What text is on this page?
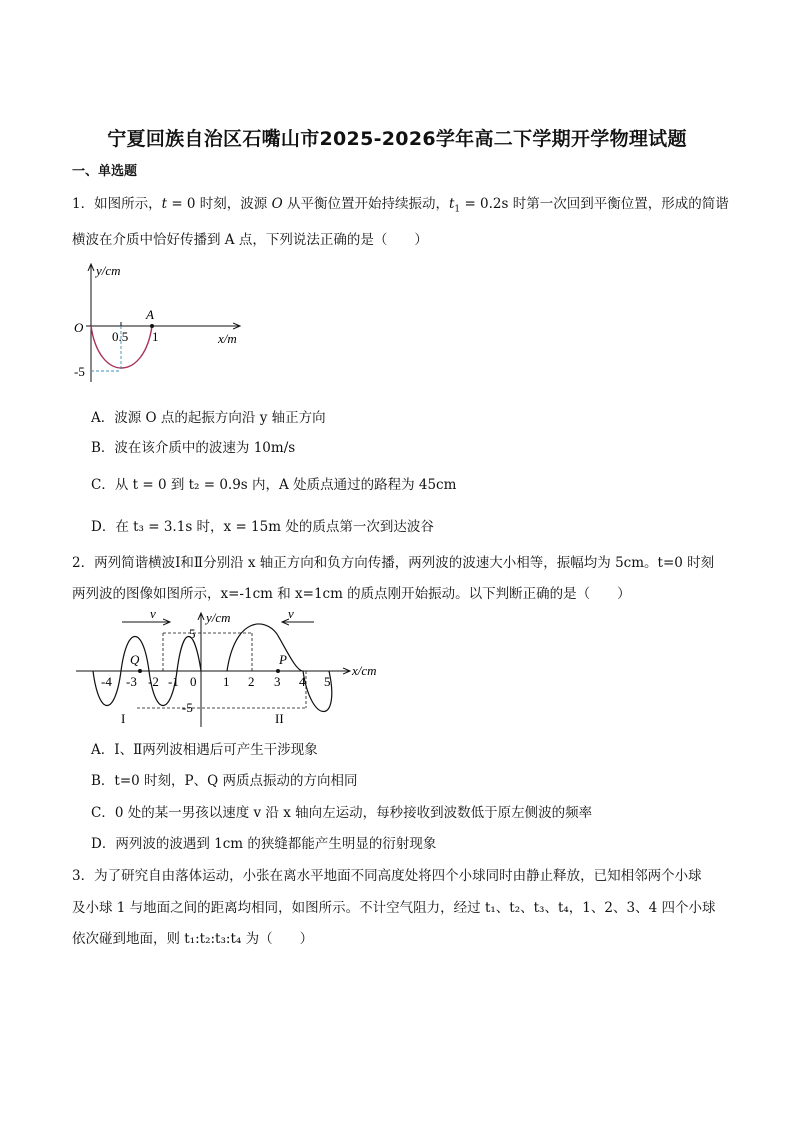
宁夏回族自治区石嘴山市2025-2026学年高二下学期开学物理试题
一、单选题
1．如图所示，t = 0 时刻，波源 O 从平衡位置开始持续振动，$t_1 = 0.2s$ 时第一次回到平衡位置，形成的简谐
横波在介质中恰好传播到 A 点，下列说法正确的是（　　）
y/cm
x/m
O
A
0.5 1
-5
A．波源 O 点的起振方向沿 y 轴正方向
B．波在该介质中的波速为 10m/s
C．从 t = 0 到 t₂ = 0.9s 内，A 处质点通过的路程为 45cm
D．在 t₃ = 3.1s 时，x = 15m 处的质点第一次到达波谷
2．两列简谐横波Ⅰ和Ⅱ分别沿 x 轴正方向和负方向传播，两列波的波速大小相等，振幅均为 5cm。t=0 时刻
两列波的图像如图所示，x=-1cm 和 x=1cm 的质点刚开始振动。以下判断正确的是（　　）
v	v
y/cm
x/cm
5
-5
Q	P
0
-4 -3 -2 -1	1 2 3 4 5
I	II
A．Ⅰ、Ⅱ两列波相遇后可产生干涉现象
B．t=0 时刻，P、Q 两质点振动的方向相同
C．0 处的某一男孩以速度 v 沿 x 轴向左运动，每秒接收到波数低于原左侧波的频率
D．两列波的波遇到 1cm 的狭缝都能产生明显的衍射现象
3．为了研究自由落体运动，小张在离水平地面不同高度处将四个小球同时由静止释放，已知相邻两个小球
及小球 1 与地面之间的距离均相同，如图所示。不计空气阻力，经过 t₁、t₂、t₃、t₄，1、2、3、4 四个小球
依次碰到地面，则 t₁:t₂:t₃:t₄ 为（　　）
